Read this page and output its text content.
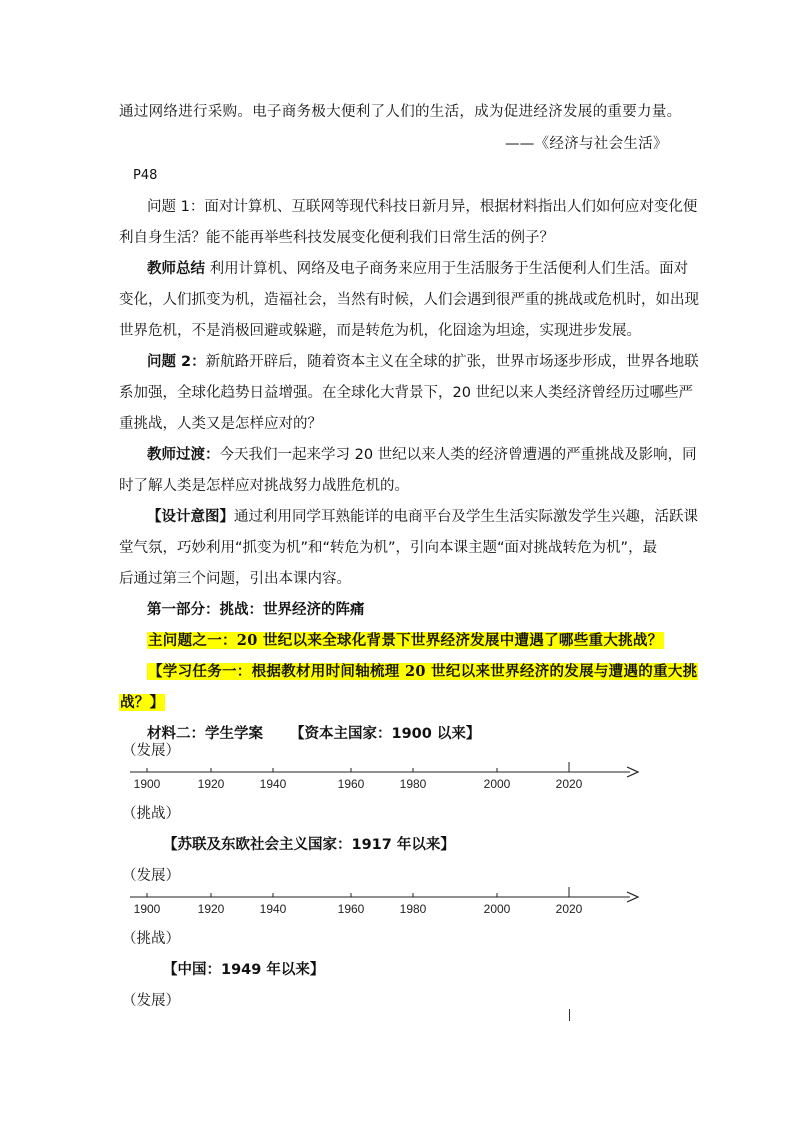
通过网络进行采购。电子商务极大便利了人们的生活，成为促进经济发展的重要力量。
——《经济与社会生活》
P48
问题 1：面对计算机、互联网等现代科技日新月异，根据材料指出人们如何应对变化便
利自身生活？能不能再举些科技发展变化便利我们日常生活的例子？
教师总结 利用计算机、网络及电子商务来应用于生活服务于生活便利人们生活。面对
变化，人们抓变为机，造福社会，当然有时候，人们会遇到很严重的挑战或危机时，如出现
世界危机，不是消极回避或躲避，而是转危为机，化囧途为坦途，实现进步发展。
问题 2：新航路开辟后，随着资本主义在全球的扩张，世界市场逐步形成，世界各地联
系加强，全球化趋势日益增强。在全球化大背景下，20 世纪以来人类经济曾经历过哪些严
重挑战，人类又是怎样应对的？
教师过渡：今天我们一起来学习 20 世纪以来人类的经济曾遭遇的严重挑战及影响，同
时了解人类是怎样应对挑战努力战胜危机的。
【设计意图】通过利用同学耳熟能详的电商平台及学生生活实际激发学生兴趣，活跃课
堂气氛，巧妙利用“抓变为机”和“转危为机”，引向本课主题“面对挑战转危为机”，最
后通过第三个问题，引出本课内容。
第一部分：挑战：世界经济的阵痛
主问题之一：20 世纪以来全球化背景下世界经济发展中遭遇了哪些重大挑战？
【学习任务一：根据教材用时间轴梳理 20 世纪以来世界经济的发展与遭遇的重大挑
战？】
材料二：学生学案 【资本主国家：1900 以来】
（发展）
1900	1920	1940	1960	1980	2000	2020
（挑战）
【苏联及东欧社会主义国家：1917 年以来】
（发展）
1900	1920	1940	1960	1980	2000	2020
（挑战）
【中国：1949 年以来】
（发展）
